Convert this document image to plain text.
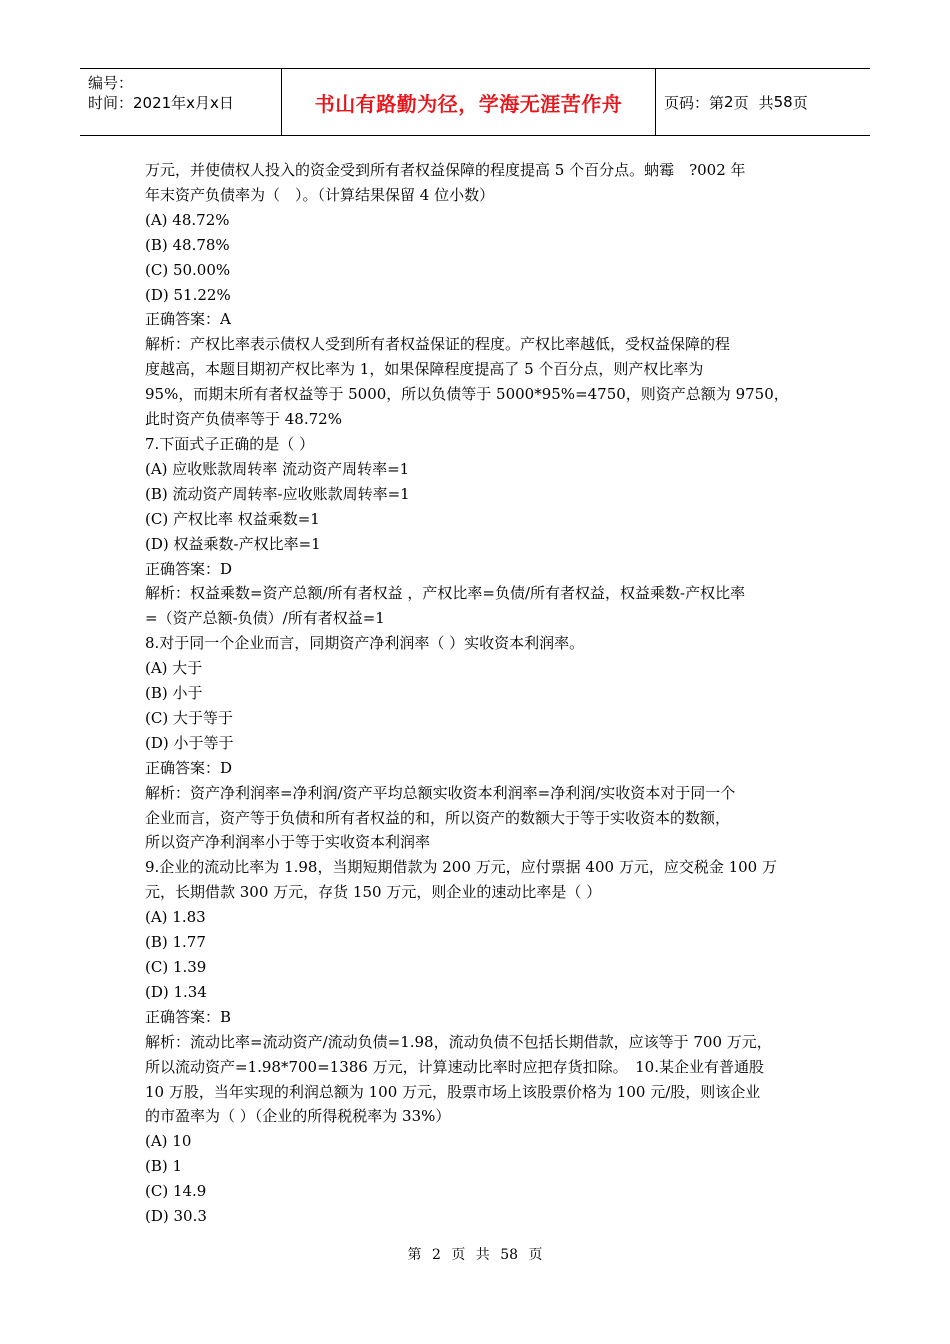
编号：
时间：2021年x月x日	书山有路勤为径，学海无涯苦作舟	页码：第 2 页 共 58 页
万元，并使债权人投入的资金受到所有者权益保障的程度提高 5 个百分点。蚋霉　?002 年
年末资产负债率为（　）。（计算结果保留 4 位小数）
(A) 48.72%
(B) 48.78%
(C) 50.00%
(D) 51.22%
正确答案：A
解析：产权比率表示债权人受到所有者权益保证的程度。产权比率越低，受权益保障的程
度越高，本题目期初产权比率为 1，如果保障程度提高了 5 个百分点，则产权比率为
95%，而期末所有者权益等于 5000，所以负债等于 5000*95%=4750，则资产总额为 9750，
此时资产负债率等于 48.72%
7.下面式子正确的是（ ）
(A) 应收账款周转率 流动资产周转率=1
(B) 流动资产周转率-应收账款周转率=1
(C) 产权比率 权益乘数=1
(D) 权益乘数-产权比率=1
正确答案：D
解析：权益乘数=资产总额/所有者权益 ，产权比率=负债/所有者权益，权益乘数-产权比率
=（资产总额-负债）/所有者权益=1
8.对于同一个企业而言，同期资产净利润率（ ）实收资本利润率。
(A) 大于
(B) 小于
(C) 大于等于
(D) 小于等于
正确答案：D
解析：资产净利润率=净利润/资产平均总额实收资本利润率=净利润/实收资本对于同一个
企业而言，资产等于负债和所有者权益的和，所以资产的数额大于等于实收资本的数额，
所以资产净利润率小于等于实收资本利润率
9.企业的流动比率为 1.98，当期短期借款为 200 万元，应付票据 400 万元，应交税金 100 万
元，长期借款 300 万元，存货 150 万元，则企业的速动比率是（ ）
(A) 1.83
(B) 1.77
(C) 1.39
(D) 1.34
正确答案：B
解析：流动比率=流动资产/流动负债=1.98，流动负债不包括长期借款，应该等于 700 万元，
所以流动资产=1.98*700=1386 万元，计算速动比率时应把存货扣除。　10.某企业有普通股
10 万股，当年实现的利润总额为 100 万元，股票市场上该股票价格为 100 元/股，则该企业
的市盈率为（ ）（企业的所得税税率为 33%）
(A) 10
(B) 1
(C) 14.9
(D) 30.3
第 2 页 共 58 页
